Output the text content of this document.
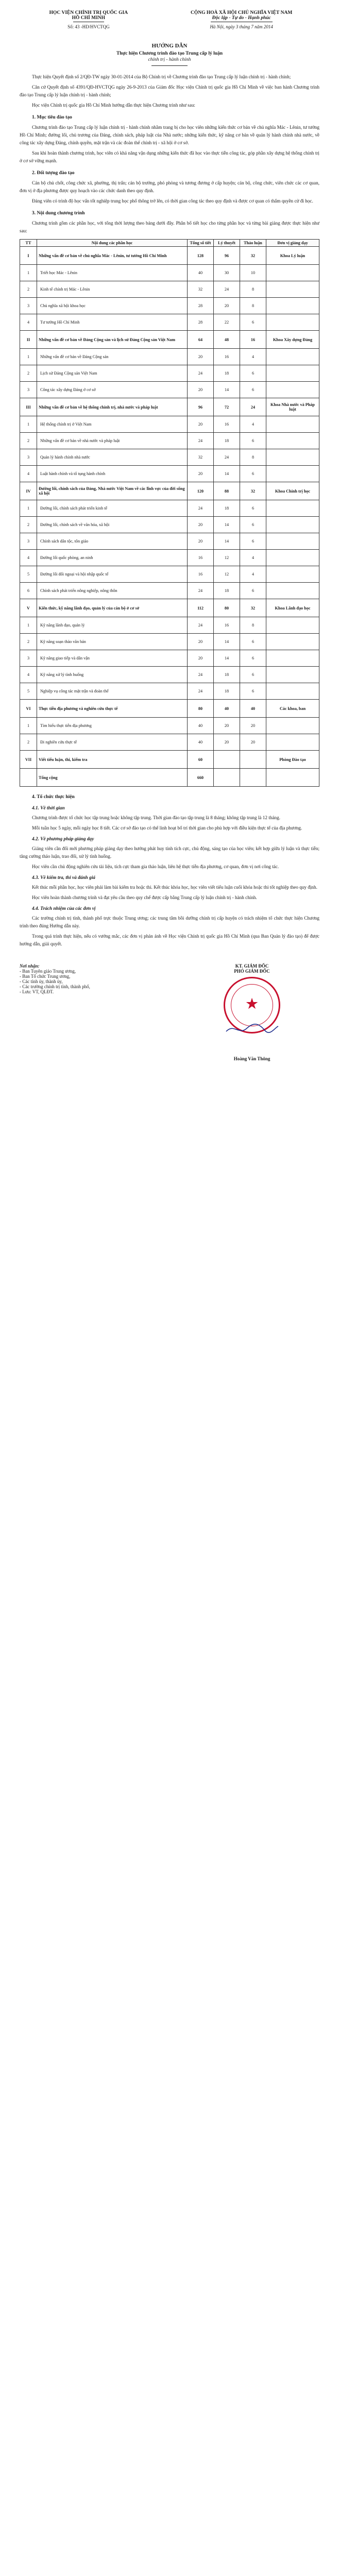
HỌC VIỆN CHÍNH TRỊ QUỐC GIA
HỒ CHÍ MINH
Số: 43 -HD/HVCTQG
CỘNG HOÀ XÃ HỘI CHỦ NGHĨA VIỆT NAM
Độc lập - Tự do - Hạnh phúc
Hà Nội, ngày 3 tháng 7 năm 2014
HƯỚNG DẪN
Thực hiện Chương trình đào tạo Trung cấp lý luận
chính trị - hành chính

Thực hiện Quyết định số 2/QĐ-TW ngày 30-01-2014 của Bộ Chính trị về Chương trình đào tạo Trung cấp lý luận chính trị - hành chính;

Căn cứ Quyết định số 4391/QĐ-HVCTQG ngày 26-9-2013 của Giám đốc Học viện Chính trị quốc gia Hồ Chí Minh về việc ban hành Chương trình đào tạo Trung cấp lý luận chính trị - hành chính;

Học viện Chính trị quốc gia Hồ Chí Minh hướng dẫn thực hiện Chương trình như sau:

1. Mục tiêu đào tạo

Chương trình đào tạo Trung cấp lý luận chính trị - hành chính nhằm trang bị cho học viên những kiến thức cơ bản về chủ nghĩa Mác - Lênin, tư tưởng Hồ Chí Minh; đường lối, chủ trương của Đảng, chính sách, pháp luật của Nhà nước; những kiến thức, kỹ năng cơ bản về quản lý hành chính nhà nước, về công tác xây dựng Đảng, chính quyền, mặt trận và các đoàn thể chính trị - xã hội ở cơ sở.

Sau khi hoàn thành chương trình, học viên có khả năng vận dụng những kiến thức đã học vào thực tiễn công tác, góp phần xây dựng hệ thống chính trị ở cơ sở vững mạnh.

2. Đối tượng đào tạo

Cán bộ chủ chốt, công chức xã, phường, thị trấn; cán bộ trưởng, phó phòng và tương đương ở cấp huyện; cán bộ, công chức, viên chức các cơ quan, đơn vị ở địa phương được quy hoạch vào các chức danh theo quy định.

Đảng viên có trình độ học vấn tốt nghiệp trung học phổ thông trở lên, có thời gian công tác theo quy định và được cơ quan có thẩm quyền cử đi học.

3. Nội dung chương trình

Chương trình gồm các phần học, với tổng thời lượng theo bảng dưới đây. Phân bổ tiết học cho từng phần học và từng bài giảng được thực hiện như sau:

TT	Nội dung các phần học	Tổng số tiết	Lý thuyết	Thảo luận	Đơn vị giảng dạy
I	Những vấn đề cơ bản về chủ nghĩa Mác - Lênin, tư tưởng Hồ Chí Minh	128	96	32	Khoa Lý luận
1	Triết học Mác - Lênin	40	30	10	
2	Kinh tế chính trị Mác - Lênin	32	24	8	
3	Chủ nghĩa xã hội khoa học	28	20	8	
4	Tư tưởng Hồ Chí Minh	28	22	6	
II	Những vấn đề cơ bản về Đảng Cộng sản và lịch sử Đảng Cộng sản Việt Nam	64	48	16	Khoa Xây dựng Đảng
1	Những vấn đề cơ bản về Đảng Cộng sản	20	16	4	
2	Lịch sử Đảng Cộng sản Việt Nam	24	18	6	
3	Công tác xây dựng Đảng ở cơ sở	20	14	6	
III	Những vấn đề cơ bản về hệ thống chính trị, nhà nước và pháp luật	96	72	24	Khoa Nhà nước và Pháp luật
1	Hệ thống chính trị ở Việt Nam	20	16	4	
2	Những vấn đề cơ bản về nhà nước và pháp luật	24	18	6	
3	Quản lý hành chính nhà nước	32	24	8	
4	Luật hành chính và tố tụng hành chính	20	14	6	
IV	Đường lối, chính sách của Đảng, Nhà nước Việt Nam về các lĩnh vực của đời sống xã hội	120	88	32	Khoa Chính trị học
1	Đường lối, chính sách phát triển kinh tế	24	18	6	
2	Đường lối, chính sách về văn hóa, xã hội	20	14	6	
3	Chính sách dân tộc, tôn giáo	20	14	6	
4	Đường lối quốc phòng, an ninh	16	12	4	
5	Đường lối đối ngoại và hội nhập quốc tế	16	12	4	
6	Chính sách phát triển nông nghiệp, nông thôn	24	18	6	
V	Kiến thức, kỹ năng lãnh đạo, quản lý của cán bộ ở cơ sở	112	80	32	Khoa Lãnh đạo học
1	Kỹ năng lãnh đạo, quản lý	24	16	8	
2	Kỹ năng soạn thảo văn bản	20	14	6	
3	Kỹ năng giao tiếp và dân vận	20	14	6	
4	Kỹ năng xử lý tình huống	24	18	6	
5	Nghiệp vụ công tác mặt trận và đoàn thể	24	18	6	
VI	Thực tiễn địa phương và nghiên cứu thực tế	80	40	40	Các khoa, ban
1	Tìm hiểu thực tiễn địa phương	40	20	20	
2	Đi nghiên cứu thực tế	40	20	20	
VII	Viết tiểu luận, thi, kiểm tra	60			Phòng Đào tạo
	Tổng cộng	660			
4. Tổ chức thực hiện
4.1. Về thời gian

Chương trình được tổ chức học tập trung hoặc không tập trung. Thời gian đào tạo tập trung là 8 tháng; không tập trung là 12 tháng.

Mỗi tuần học 5 ngày, mỗi ngày học 8 tiết. Các cơ sở đào tạo có thể linh hoạt bố trí thời gian cho phù hợp với điều kiện thực tế của địa phương.

4.2. Về phương pháp giảng dạy

Giảng viên cần đổi mới phương pháp giảng dạy theo hướng phát huy tính tích cực, chủ động, sáng tạo của học viên; kết hợp giữa lý luận và thực tiễn; tăng cường thảo luận, trao đổi, xử lý tình huống.

Học viên cần chủ động nghiên cứu tài liệu, tích cực tham gia thảo luận, liên hệ thực tiễn địa phương, cơ quan, đơn vị nơi công tác.

4.3. Về kiểm tra, thi và đánh giá

Kết thúc mỗi phần học, học viên phải làm bài kiểm tra hoặc thi. Kết thúc khóa học, học viên viết tiểu luận cuối khóa hoặc thi tốt nghiệp theo quy định.

Học viên hoàn thành chương trình và đạt yêu cầu theo quy chế được cấp bằng Trung cấp lý luận chính trị - hành chính.

4.4. Trách nhiệm của các đơn vị

Các trường chính trị tỉnh, thành phố trực thuộc Trung ương; các trung tâm bồi dưỡng chính trị cấp huyện có trách nhiệm tổ chức thực hiện Chương trình theo đúng Hướng dẫn này.

Trong quá trình thực hiện, nếu có vướng mắc, các đơn vị phản ánh về Học viện Chính trị quốc gia Hồ Chí Minh (qua Ban Quản lý đào tạo) để được hướng dẫn, giải quyết.

Nơi nhận:
- Ban Tuyên giáo Trung ương,
- Ban Tổ chức Trung ương,
- Các tỉnh ủy, thành ủy,
- Các trường chính trị tỉnh, thành phố,
- Lưu: VT, QLĐT.
KT. GIÁM ĐỐC
PHÓ GIÁM ĐỐC
★
Hoàng Văn Thông
